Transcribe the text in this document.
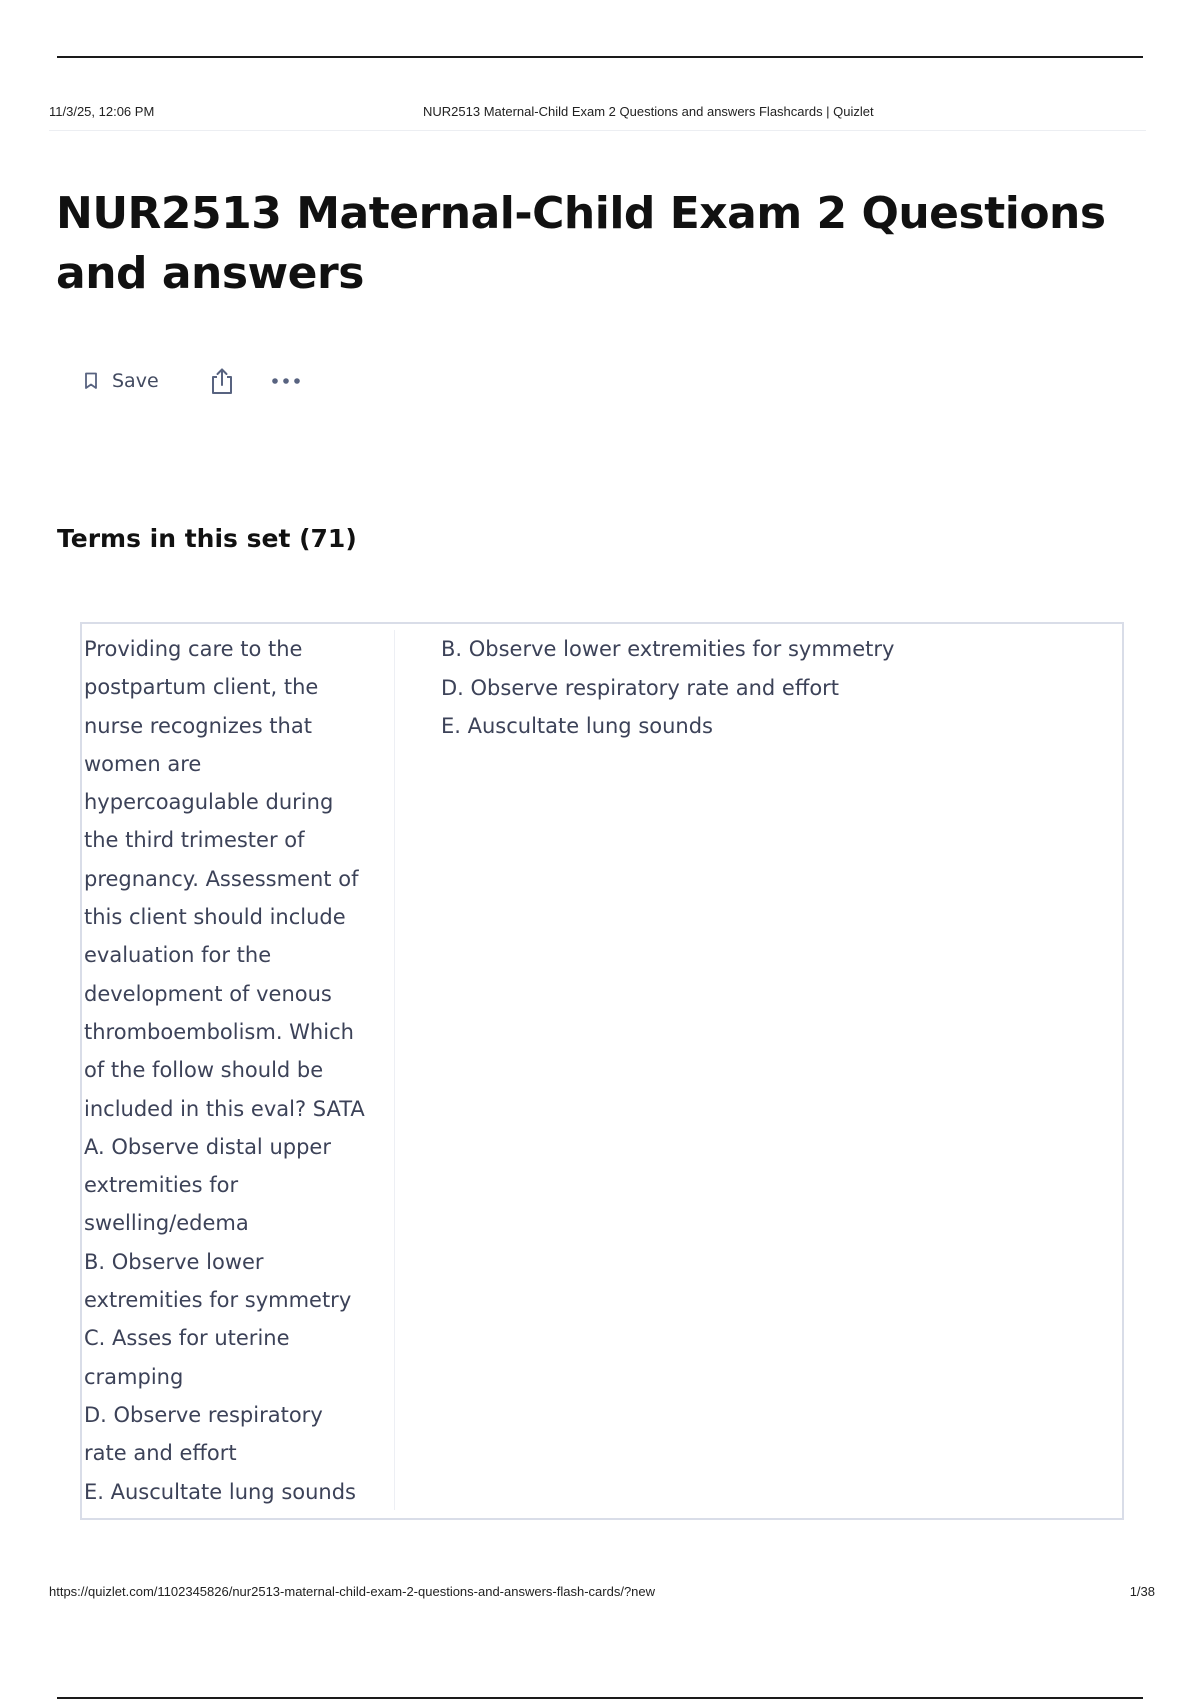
11/3/25, 12:06 PM	NUR2513 Maternal-Child Exam 2 Questions and answers Flashcards | Quizlet
NUR2513 Maternal-Child Exam 2 Questions and answers
Save
Terms in this set (71)
Providing care to the
postpartum client, the
nurse recognizes that
women are
hypercoagulable during
the third trimester of
pregnancy. Assessment of
this client should include
evaluation for the
development of venous
thromboembolism. Which
of the follow should be
included in this eval? SATA
A. Observe distal upper
extremities for
swelling/edema
B. Observe lower
extremities for symmetry
C. Asses for uterine
cramping
D. Observe respiratory
rate and effort
E. Auscultate lung sounds
B. Observe lower extremities for symmetry
D. Observe respiratory rate and effort
E. Auscultate lung sounds
https://quizlet.com/1102345826/nur2513-maternal-child-exam-2-questions-and-answers-flash-cards/?new	1/38
